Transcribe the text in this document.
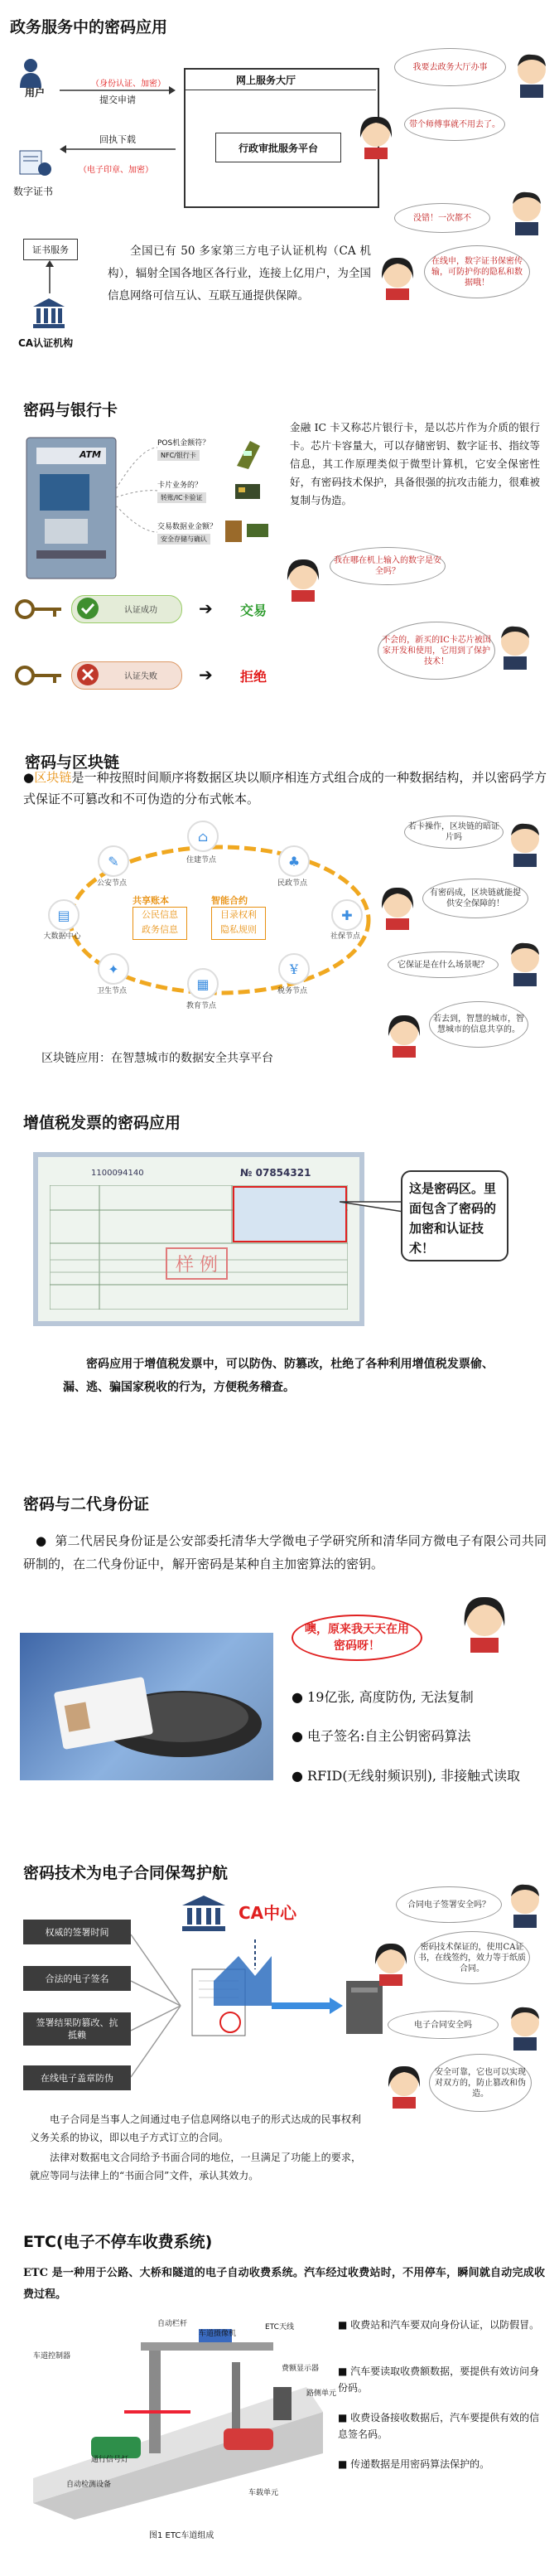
政务服务中的密码应用
用户
（身份认证、加密）
提交申请
回执下载
（电子印章、加密）
数字证书
网上服务大厅
行政审批服务平台
我要去政务大厅办事
带个师傅事就不用去了。
没错！一次都不
在线申，数字证书保密传输，可防护你的隐私和数据哦！
证书服务
CA认证机构
全国已有 50 多家第三方电子认证机构（CA 机构），辐射全国各地区各行业，连接上亿用户，为全国信息网络可信互认、互联互通提供保障。
密码与银行卡
ATM
POS机金额符？
NFC/银行卡
卡片业务的？
转账/IC卡验证
交易数据业金额？
安全存储与确认
认证成功	➔ 交易
认证失败	➔ 拒绝
金融 IC 卡又称芯片银行卡，是以芯片作为介质的银行卡。芯片卡容量大，可以存储密钥、数字证书、指纹等信息，其工作原理类似于微型计算机，它安全保密性好，有密码技术保护，具备很强的抗攻击能力，很难被复制与伪造。
我在哪在机上输入的数字是安全吗？
不会的，新买的IC卡芯片被国家开发和使用，它用到了保护技术！
密码与区块链
●区块链是一种按照时间顺序将数据区块以顺序相连方式组合成的一种数据结构，并以密码学方式保证不可篡改和不可伪造的分布式帐本。
✎
公安节点
⌂
住建节点	♣
民政节点
▤
大数据中心
✚
社保节点
✦
卫生节点	▦
教育节点
¥
税务节点
共享账本
公民信息
政务信息
智能合约
目录权利
隐私规则
区块链应用：在智慧城市的数据安全共享平台
若卡操作，区块链的暗证片吗
有密码成，区块链就能提供安全保障的！
它保证是在什么场景呢？
若去到，智慧的城市，智慧城市的信息共享的。
增值税发票的密码应用
1100094140	№ 07854321
样 例
这是密码区。里面包含了密码的加密和认证技术！
密码应用于增值税发票中，可以防伪、防篡改，杜绝了各种利用增值税发票偷、漏、逃、骗国家税收的行为，方便税务稽查。
密码与二代身份证
●  第二代居民身份证是公安部委托清华大学微电子学研究所和清华同方微电子有限公司共同研制的，在二代身份证中，解开密码是某种自主加密算法的密钥。
噢，原来我天天在用密码呀！
● 19亿张, 高度防伪, 无法复制
● 电子签名:自主公钥密码算法
● RFID(无线射频识别), 非接触式读取
密码技术为电子合同保驾护航
CA中心
权威的签署时间
合法的电子签名
签署结果防篡改、抗抵赖
在线电子盖章防伪
合同电子签署安全吗？
密码技术保证的，使用CA证书，在线签约，效力等于纸质合同。
电子合同安全吗
安全可靠，它也可以实现对双方的，防止篡改和伪造。
电子合同是当事人之间通过电子信息网络以电子的形式达成的民事权利义务关系的协议，即以电子方式订立的合同。
法律对数据电文合同给予书面合同的地位，一旦满足了功能上的要求，就应等同与法律上的“书面合同”文件，承认其效力。
ETC(电子不停车收费系统)
ETC 是一种用于公路、大桥和隧道的电子自动收费系统。汽车经过收费站时，不用停车，瞬间就自动完成收费过程。
车道控制器
自动栏杆
车道摄像机
ETC天线
费额显示器
路侧单元
通行信号灯
自动检测设备
车载单元
图1 ETC车道组成
■ 收费站和汽车要双向身份认证，以防假冒。
■ 汽车要读取收费额数据，要提供有效访问身份码。
■ 收费设备接收数据后，汽车要提供有效的信息签名码。
■ 传递数据是用密码算法保护的。
